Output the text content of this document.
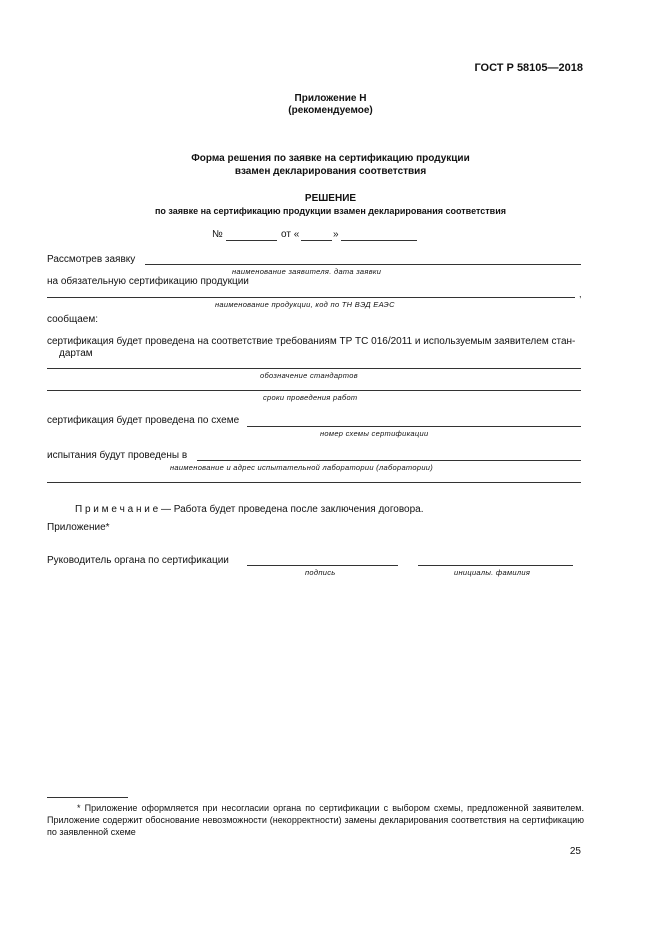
ГОСТ Р 58105—2018
Приложение Н
(рекомендуемое)
Форма решения по заявке на сертификацию продукции
взамен декларирования соответствия
РЕШЕНИЕ
по заявке на сертификацию продукции взамен декларирования соответствия
№	от «	»
Рассмотрев заявку
наименование заявителя. дата заявки
на обязательную сертификацию продукции
,
наименование продукции, код по ТН ВЭД ЕАЭС
сообщаем:
сертификация будет проведена на соответствие требованиям ТР ТС 016/2011 и используемым заявителем стан-
дартам
обозначение стандартов
сроки проведения работ
сертификация будет проведена по схеме
номер схемы сертификации
испытания будут проведены в
наименование и адрес испытательной лаборатории (лаборатории)
П р и м е ч а н и е — Работа будет проведена после заключения договора.
Приложение*
Руководитель органа по сертификации
подпись	инициалы. фамилия
* Приложение оформляется при несогласии органа по сертификации с выбором схемы, предложенной заявителем. Приложение содержит обоснование невозможности (некорректности) замены декларирования соответствия на сертификацию по заявленной схеме
25
